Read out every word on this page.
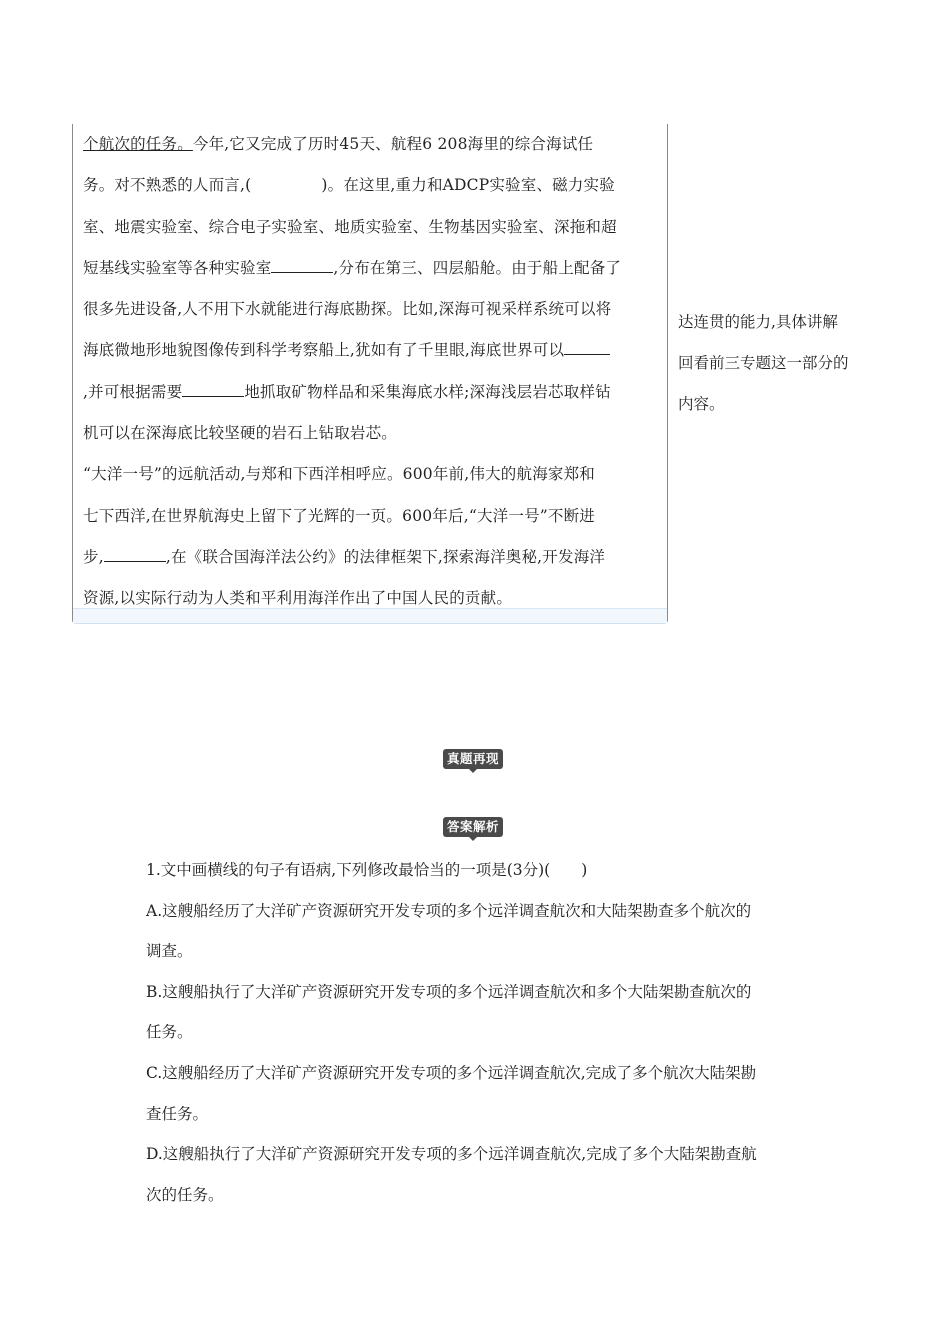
个航次的任务。今年,它又完成了历时45天、航程6 208海里的综合海试任

务。对不熟悉的人而言,(	)。在这里,重力和ADCP实验室、磁力实验

室、地震实验室、综合电子实验室、地质实验室、生物基因实验室、深拖和超

短基线实验室等各种实验室	,分布在第三、四层船舱。由于船上配备了

很多先进设备,人不用下水就能进行海底勘探。比如,深海可视采样系统可以将

海底微地形地貌图像传到科学考察船上,犹如有了千里眼,海底世界可以

,并可根据需要	地抓取矿物样品和采集海底水样;深海浅层岩芯取样钻

机可以在深海底比较坚硬的岩石上钻取岩芯。

“大洋一号”的远航活动,与郑和下西洋相呼应。600年前,伟大的航海家郑和

七下西洋,在世界航海史上留下了光辉的一页。600年后,“大洋一号”不断进

步,	,在《联合国海洋法公约》的法律框架下,探索海洋奥秘,开发海洋

资源,以实际行动为人类和平利用海洋作出了中国人民的贡献。

达连贯的能力,具体讲解

回看前三专题这一部分的

内容。

真题再现
答案解析

1.文中画横线的句子有语病,下列修改最恰当的一项是(3分)(　　)

A.这艘船经历了大洋矿产资源研究开发专项的多个远洋调查航次和大陆架勘查多个航次的

调查。

B.这艘船执行了大洋矿产资源研究开发专项的多个远洋调查航次和多个大陆架勘查航次的

任务。

C.这艘船经历了大洋矿产资源研究开发专项的多个远洋调查航次,完成了多个航次大陆架勘

查任务。

D.这艘船执行了大洋矿产资源研究开发专项的多个远洋调查航次,完成了多个大陆架勘查航

次的任务。
